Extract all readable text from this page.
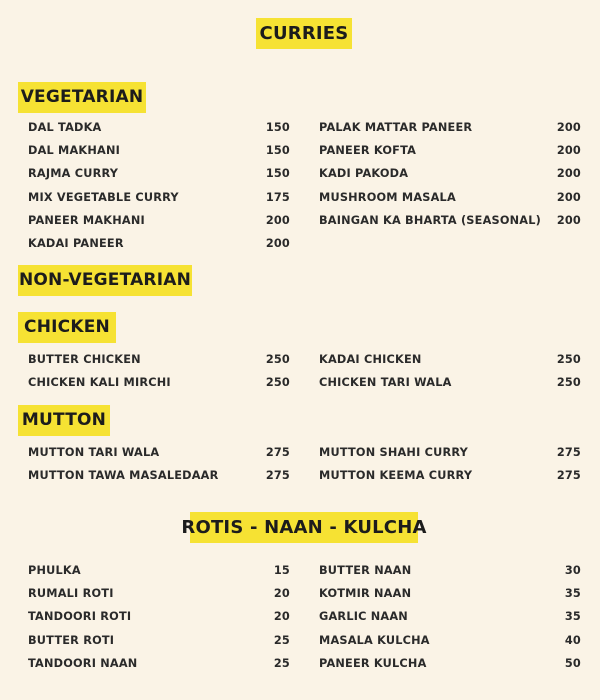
CURRIES
VEGETARIAN
DAL TADKA	150
DAL MAKHANI	150
RAJMA CURRY	150
MIX VEGETABLE CURRY	175
PANEER MAKHANI	200
KADAI PANEER	200
PALAK MATTAR PANEER	200
PANEER KOFTA	200
KADI PAKODA	200
MUSHROOM MASALA	200
BAINGAN KA BHARTA (SEASONAL) 200
NON-VEGETARIAN
CHICKEN
BUTTER CHICKEN	250
CHICKEN KALI MIRCHI	250
KADAI CHICKEN	250
CHICKEN TARI WALA	250
MUTTON
MUTTON TARI WALA	275
MUTTON TAWA MASALEDAAR	275
MUTTON SHAHI CURRY	275
MUTTON KEEMA CURRY	275
ROTIS - NAAN - KULCHA
PHULKA	15
RUMALI ROTI	20
TANDOORI ROTI	20
BUTTER ROTI	25
TANDOORI NAAN	25
BUTTER NAAN	30
KOTMIR NAAN	35
GARLIC NAAN	35
MASALA KULCHA	40
PANEER KULCHA	50
